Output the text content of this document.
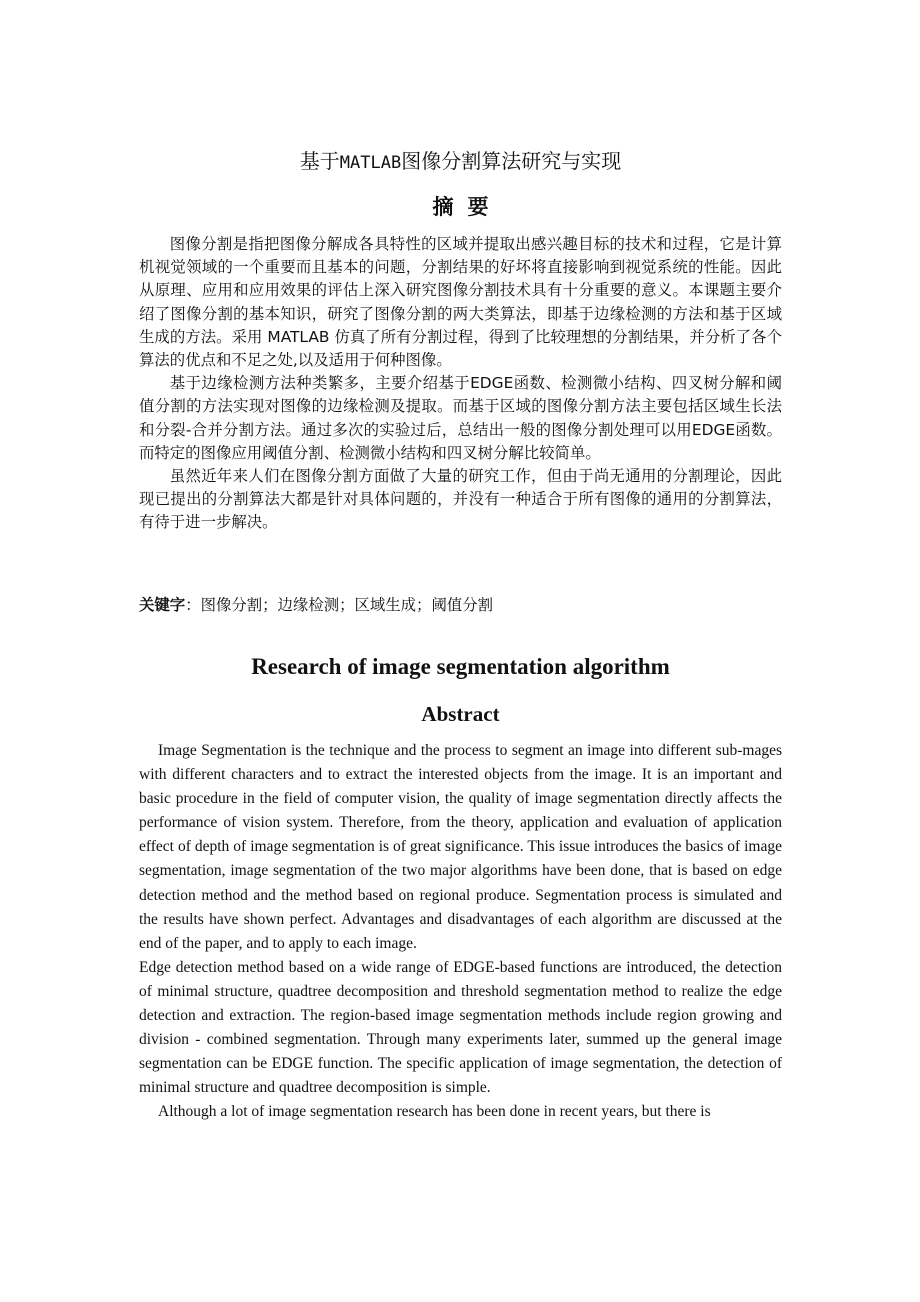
基于MATLAB图像分割算法研究与实现
摘要

图像分割是指把图像分解成各具特性的区域并提取出感兴趣目标的技术和过程，它是计算机视觉领域的一个重要而且基本的问题，分割结果的好坏将直接影响到视觉系统的性能。因此从原理、应用和应用效果的评估上深入研究图像分割技术具有十分重要的意义。本课题主要介绍了图像分割的基本知识，研究了图像分割的两大类算法，即基于边缘检测的方法和基于区域生成的方法。采用 MATLAB 仿真了所有分割过程，得到了比较理想的分割结果，并分析了各个算法的优点和不足之处,以及适用于何种图像。

基于边缘检测方法种类繁多，主要介绍基于EDGE函数、检测微小结构、四叉树分解和阈值分割的方法实现对图像的边缘检测及提取。而基于区域的图像分割方法主要包括区域生长法和分裂-合并分割方法。通过多次的实验过后，总结出一般的图像分割处理可以用EDGE函数。而特定的图像应用阈值分割、检测微小结构和四叉树分解比较简单。

虽然近年来人们在图像分割方面做了大量的研究工作，但由于尚无通用的分割理论，因此现已提出的分割算法大都是针对具体问题的，并没有一种适合于所有图像的通用的分割算法，有待于进一步解决。

关键字：图像分割；边缘检测；区域生成；阈值分割
Research of image segmentation algorithm
Abstract

Image Segmentation is the technique and the process to segment an image into different sub-mages with different characters and to extract the interested objects from the image. It is an important and basic procedure in the field of computer vision, the quality of image segmentation directly affects the performance of vision system. Therefore, from the theory, application and evaluation of application effect of depth of image segmentation is of great significance. This issue introduces the basics of image segmentation, image segmentation of the two major algorithms have been done, that is based on edge detection method and the method based on regional produce. Segmentation process is simulated and the results have shown perfect. Advantages and disadvantages of each algorithm are discussed at the end of the paper, and to apply to each image.

Edge detection method based on a wide range of EDGE-based functions are introduced, the detection of minimal structure, quadtree decomposition and threshold segmentation method to realize the edge detection and extraction. The region-based image segmentation methods include region growing and division - combined segmentation. Through many experiments later, summed up the general image segmentation can be EDGE function. The specific application of image segmentation, the detection of minimal structure and quadtree decomposition is simple.

Although a lot of image segmentation research has been done in recent years, but there is
